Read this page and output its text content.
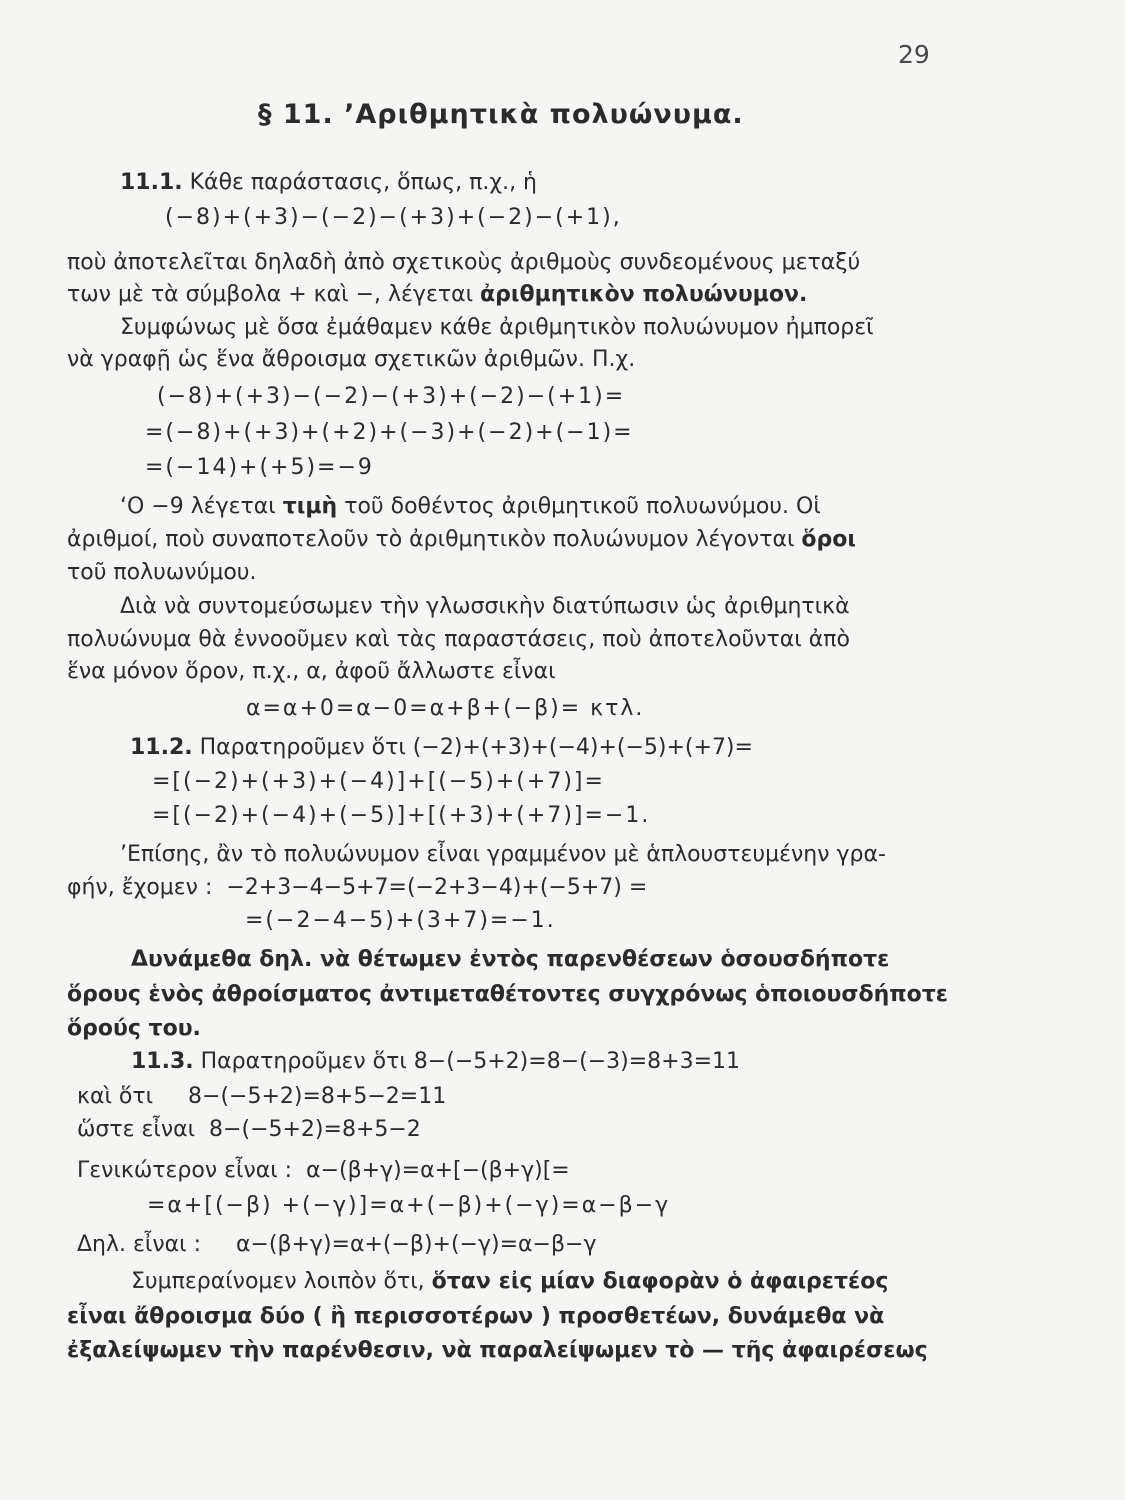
29
§ 11. ’Αριθμητικὰ πολυώνυμα.
11.1. Κάθε παράστασις, ὅπως, π.χ., ἡ
(−8)+(+3)−(−2)−(+3)+(−2)−(+1),
ποὺ ἀποτελεῖται δηλαδὴ ἀπὸ σχετικοὺς ἀριθμοὺς συνδεομένους μεταξύ
των μὲ τὰ σύμβολα + καὶ −, λέγεται ἀριθμητικὸν πολυώνυμον.
Συμφώνως μὲ ὅσα ἐμάθαμεν κάθε ἀριθμητικὸν πολυώνυμον ἠμπορεῖ
νὰ γραφῇ ὡς ἕνα ἄθροισμα σχετικῶν ἀριθμῶν. Π.χ.
(−8)+(+3)−(−2)−(+3)+(−2)−(+1)=
=(−8)+(+3)+(+2)+(−3)+(−2)+(−1)=
=(−14)+(+5)=−9
‘Ο −9 λέγεται τιμὴ τοῦ δοθέντος ἀριθμητικοῦ πολυωνύμου. Οἱ
ἀριθμοί, ποὺ συναποτελοῦν τὸ ἀριθμητικὸν πολυώνυμον λέγονται ὅροι
τοῦ πολυωνύμου.
Διὰ νὰ συντομεύσωμεν τὴν γλωσσικὴν διατύπωσιν ὡς ἀριθμητικὰ
πολυώνυμα θὰ ἐννοοῦμεν καὶ τὰς παραστάσεις, ποὺ ἀποτελοῦνται ἀπὸ
ἕνα μόνον ὅρον, π.χ., α, ἀφοῦ ἄλλωστε εἶναι
α=α+0=α−0=α+β+(−β)= κτλ.
11.2. Παρατηροῦμεν ὅτι (−2)+(+3)+(−4)+(−5)+(+7)=
=[(−2)+(+3)+(−4)]+[(−5)+(+7)]=
=[(−2)+(−4)+(−5)]+[(+3)+(+7)]=−1.
’Επίσης, ἂν τὸ πολυώνυμον εἶναι γραμμένον μὲ ἁπλουστευμένην γρα-
φήν, ἔχομεν :  −2+3−4−5+7=(−2+3−4)+(−5+7) =
=(−2−4−5)+(3+7)=−1.
Δυνάμεθα δηλ. νὰ θέτωμεν ἐντὸς παρενθέσεων ὁσουσδήποτε
ὅρους ἑνὸς ἀθροίσματος ἀντιμεταθέτοντες συγχρόνως ὁποιουσδήποτε
ὅρούς του.
11.3. Παρατηροῦμεν ὅτι 8−(−5+2)=8−(−3)=8+3=11
καὶ ὅτι     8−(−5+2)=8+5−2=11
ὥστε εἶναι  8−(−5+2)=8+5−2
Γενικώτερον εἶναι :  α−(β+γ)=α+[−(β+γ)[=
=α+[(−β) +(−γ)]=α+(−β)+(−γ)=α−β−γ
Δηλ. εἶναι :     α−(β+γ)=α+(−β)+(−γ)=α−β−γ
Συμπεραίνομεν λοιπὸν ὅτι, ὅταν εἰς μίαν διαφορὰν ὁ ἀφαιρετέος
εἶναι ἄθροισμα δύο ( ἢ περισσοτέρων ) προσθετέων, δυνάμεθα νὰ
ἐξαλείψωμεν τὴν παρένθεσιν, νὰ παραλείψωμεν τὸ — τῆς ἀφαιρέσεως
